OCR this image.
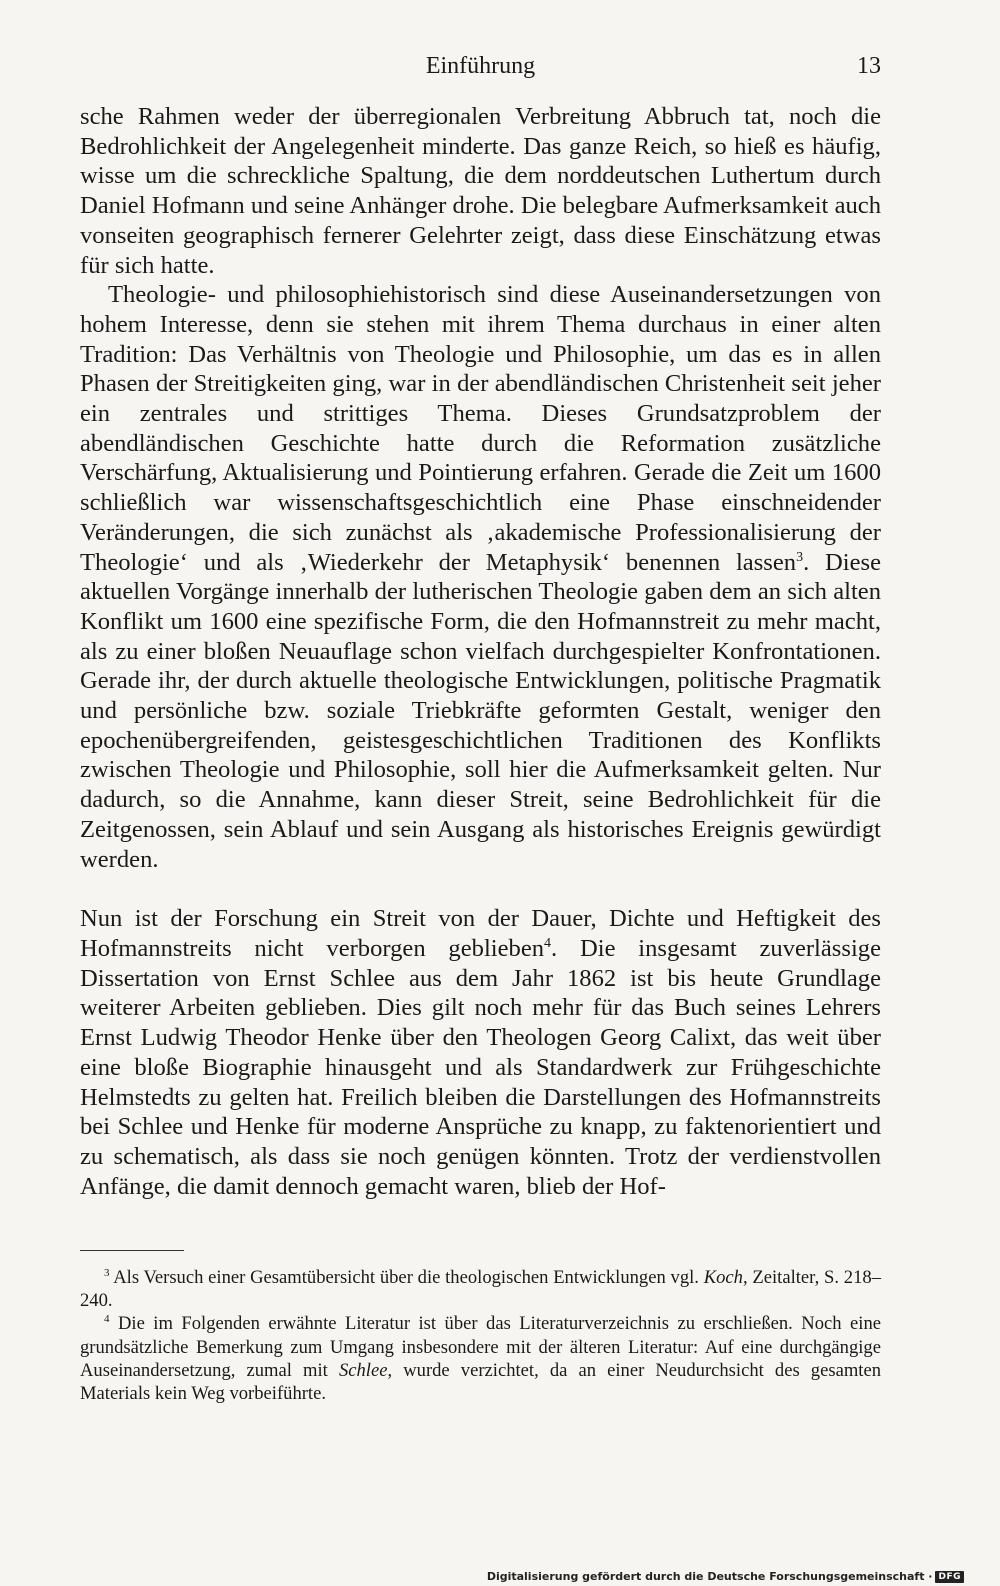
Einführung	13

sche Rahmen weder der überregionalen Verbreitung Abbruch tat, noch die Bedrohlichkeit der Angelegenheit minderte. Das ganze Reich, so hieß es häufig, wisse um die schreckliche Spaltung, die dem norddeutschen Luthertum durch Daniel Hofmann und seine Anhänger drohe. Die belegbare Aufmerksamkeit auch vonseiten geographisch fernerer Gelehrter zeigt, dass diese Einschätzung etwas für sich hatte.

Theologie- und philosophiehistorisch sind diese Auseinandersetzungen von hohem Interesse, denn sie stehen mit ihrem Thema durchaus in einer alten Tradition: Das Verhältnis von Theologie und Philosophie, um das es in allen Phasen der Streitigkeiten ging, war in der abendländischen Christenheit seit jeher ein zentrales und strittiges Thema. Dieses Grundsatzproblem der abendländischen Geschichte hatte durch die Reformation zusätzliche Verschärfung, Aktualisierung und Pointierung erfahren. Gerade die Zeit um 1600 schließlich war wissenschaftsgeschichtlich eine Phase einschneidender Veränderungen, die sich zunächst als ‚akademische Professionalisierung der Theologie‘ und als ‚Wiederkehr der Metaphysik‘ benennen lassen$^3$. Diese aktuellen Vorgänge innerhalb der lutherischen Theologie gaben dem an sich alten Konflikt um 1600 eine spezifische Form, die den Hofmannstreit zu mehr macht, als zu einer bloßen Neuauflage schon vielfach durchgespielter Konfrontationen. Gerade ihr, der durch aktuelle theologische Entwicklungen, politische Pragmatik und persönliche bzw. soziale Triebkräfte geformten Gestalt, weniger den epochenübergreifenden, geistesgeschichtlichen Traditionen des Konflikts zwischen Theologie und Philosophie, soll hier die Aufmerksamkeit gelten. Nur dadurch, so die Annahme, kann dieser Streit, seine Bedrohlichkeit für die Zeitgenossen, sein Ablauf und sein Ausgang als historisches Ereignis gewürdigt werden.

Nun ist der Forschung ein Streit von der Dauer, Dichte und Heftigkeit des Hofmannstreits nicht verborgen geblieben$^4$. Die insgesamt zuverlässige Dissertation von Ernst Schlee aus dem Jahr 1862 ist bis heute Grundlage weiterer Arbeiten geblieben. Dies gilt noch mehr für das Buch seines Lehrers Ernst Ludwig Theodor Henke über den Theologen Georg Calixt, das weit über eine bloße Biographie hinausgeht und als Standardwerk zur Frühgeschichte Helmstedts zu gelten hat. Freilich bleiben die Darstellungen des Hofmannstreits bei Schlee und Henke für moderne Ansprüche zu knapp, zu faktenorientiert und zu schematisch, als dass sie noch genügen könnten. Trotz der verdienstvollen Anfänge, die damit dennoch gemacht waren, blieb der Hof-

$^3$ Als Versuch einer Gesamtübersicht über die theologischen Entwicklungen vgl. Koch, Zeitalter, S. 218–240.

$^4$ Die im Folgenden erwähnte Literatur ist über das Literaturverzeichnis zu erschließen. Noch eine grundsätzliche Bemerkung zum Umgang insbesondere mit der älteren Literatur: Auf eine durchgängige Auseinandersetzung, zumal mit Schlee, wurde verzichtet, da an einer Neudurchsicht des gesamten Materials kein Weg vorbeiführte.

Digitalisierung gefördert durch die Deutsche Forschungsgemeinschaft · DFG
